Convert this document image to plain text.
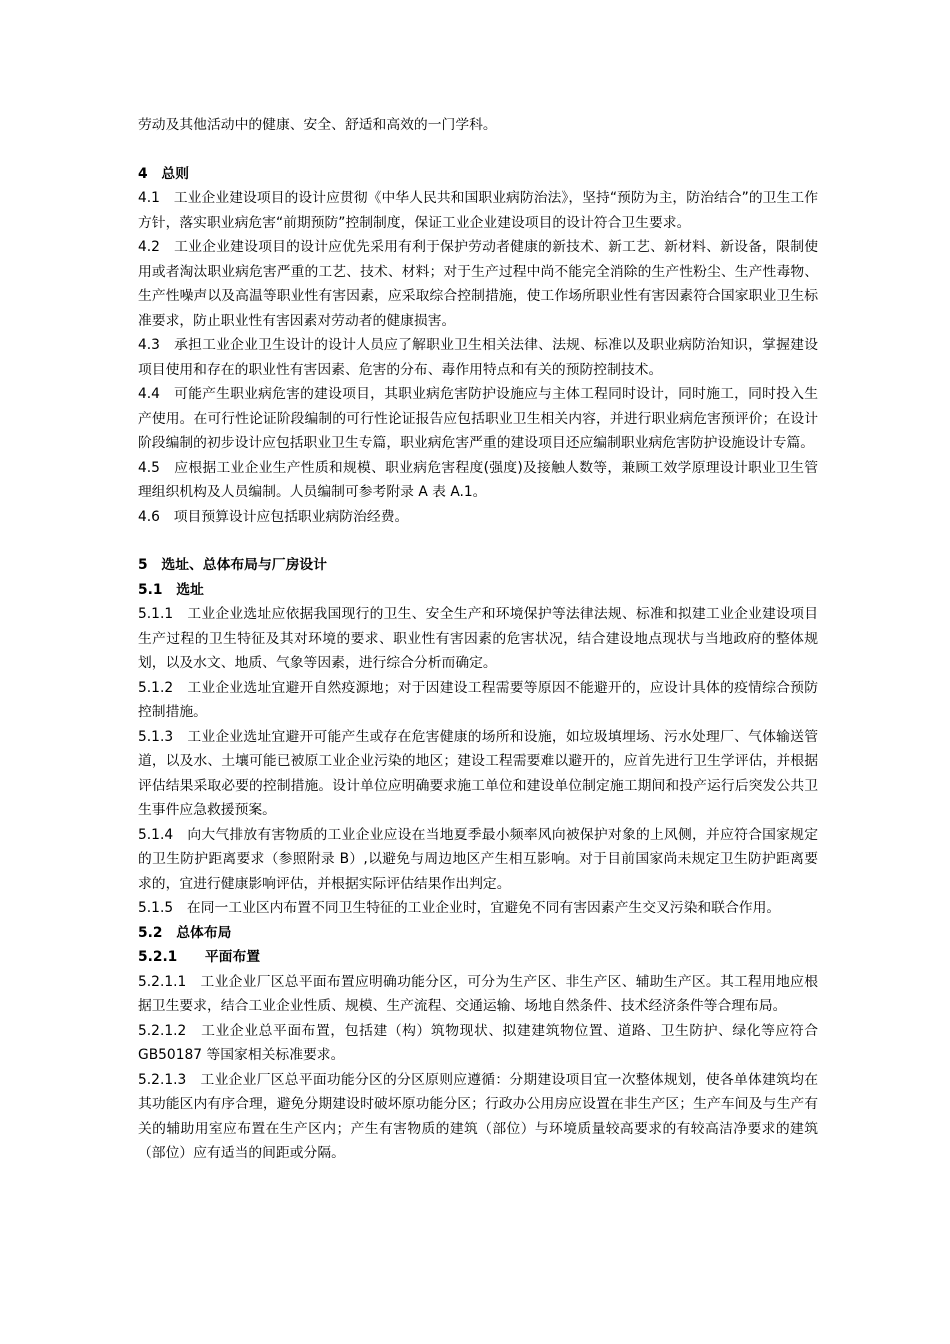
劳动及其他活动中的健康、安全、舒适和高效的一门学科。

4　总则

4.1　工业企业建设项目的设计应贯彻《中华人民共和国职业病防治法》，坚持“预防为主，防治结合”的卫生工作方针，落实职业病危害“前期预防”控制制度，保证工业企业建设项目的设计符合卫生要求。

4.2　工业企业建设项目的设计应优先采用有利于保护劳动者健康的新技术、新工艺、新材料、新设备，限制使用或者淘汰职业病危害严重的工艺、技术、材料；对于生产过程中尚不能完全消除的生产性粉尘、生产性毒物、生产性噪声以及高温等职业性有害因素，应采取综合控制措施，使工作场所职业性有害因素符合国家职业卫生标准要求，防止职业性有害因素对劳动者的健康损害。

4.3　承担工业企业卫生设计的设计人员应了解职业卫生相关法律、法规、标准以及职业病防治知识，掌握建设项目使用和存在的职业性有害因素、危害的分布、毒作用特点和有关的预防控制技术。

4.4　可能产生职业病危害的建设项目，其职业病危害防护设施应与主体工程同时设计，同时施工，同时投入生产使用。在可行性论证阶段编制的可行性论证报告应包括职业卫生相关内容，并进行职业病危害预评价；在设计阶段编制的初步设计应包括职业卫生专篇，职业病危害严重的建设项目还应编制职业病危害防护设施设计专篇。

4.5　应根据工业企业生产性质和规模、职业病危害程度(强度)及接触人数等，兼顾工效学原理设计职业卫生管理组织机构及人员编制。人员编制可参考附录 A 表 A.1。

4.6　项目预算设计应包括职业病防治经费。

5　选址、总体布局与厂房设计

5.1　选址

5.1.1　工业企业选址应依据我国现行的卫生、安全生产和环境保护等法律法规、标准和拟建工业企业建设项目生产过程的卫生特征及其对环境的要求、职业性有害因素的危害状况，结合建设地点现状与当地政府的整体规划，以及水文、地质、气象等因素，进行综合分析而确定。

5.1.2　工业企业选址宜避开自然疫源地；对于因建设工程需要等原因不能避开的，应设计具体的疫情综合预防控制措施。

5.1.3　工业企业选址宜避开可能产生或存在危害健康的场所和设施，如垃圾填埋场、污水处理厂、气体输送管道，以及水、土壤可能已被原工业企业污染的地区；建设工程需要难以避开的，应首先进行卫生学评估，并根据评估结果采取必要的控制措施。设计单位应明确要求施工单位和建设单位制定施工期间和投产运行后突发公共卫生事件应急救援预案。

5.1.4　向大气排放有害物质的工业企业应设在当地夏季最小频率风向被保护对象的上风侧，并应符合国家规定的卫生防护距离要求（参照附录 B）,以避免与周边地区产生相互影响。对于目前国家尚未规定卫生防护距离要求的，宜进行健康影响评估，并根据实际评估结果作出判定。

5.1.5　在同一工业区内布置不同卫生特征的工业企业时，宜避免不同有害因素产生交叉污染和联合作用。

5.2　总体布局

5.2.1　　平面布置

5.2.1.1　工业企业厂区总平面布置应明确功能分区，可分为生产区、非生产区、辅助生产区。其工程用地应根据卫生要求，结合工业企业性质、规模、生产流程、交通运输、场地自然条件、技术经济条件等合理布局。

5.2.1.2　工业企业总平面布置，包括建（构）筑物现状、拟建建筑物位置、道路、卫生防护、绿化等应符合 GB50187 等国家相关标准要求。

5.2.1.3　工业企业厂区总平面功能分区的分区原则应遵循：分期建设项目宜一次整体规划，使各单体建筑均在其功能区内有序合理，避免分期建设时破坏原功能分区；行政办公用房应设置在非生产区；生产车间及与生产有关的辅助用室应布置在生产区内；产生有害物质的建筑（部位）与环境质量较高要求的有较高洁净要求的建筑（部位）应有适当的间距或分隔。
